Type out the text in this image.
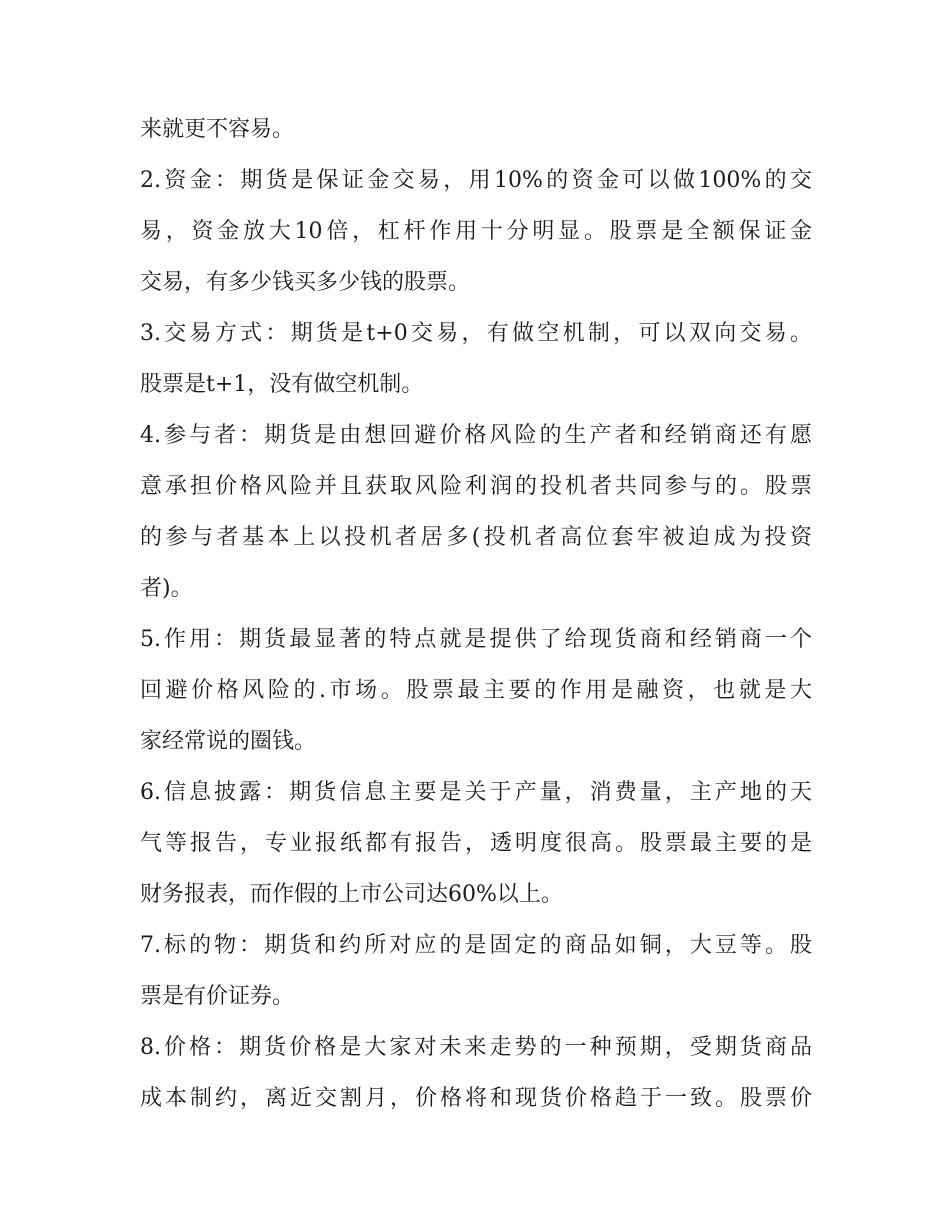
来就更不容易。
2.资金：期货是保证金交易，用10%的资金可以做100%的交
易，资金放大10倍，杠杆作用十分明显。股票是全额保证金
交易，有多少钱买多少钱的股票。
3.交易方式：期货是t+0交易，有做空机制，可以双向交易。
股票是t+1，没有做空机制。
4.参与者：期货是由想回避价格风险的生产者和经销商还有愿
意承担价格风险并且获取风险利润的投机者共同参与的。股票
的参与者基本上以投机者居多(投机者高位套牢被迫成为投资
者)。
5.作用：期货最显著的特点就是提供了给现货商和经销商一个
回避价格风险的.市场。股票最主要的作用是融资，也就是大
家经常说的圈钱。
6.信息披露：期货信息主要是关于产量，消费量，主产地的天
气等报告，专业报纸都有报告，透明度很高。股票最主要的是
财务报表，而作假的上市公司达60%以上。
7.标的物：期货和约所对应的是固定的商品如铜，大豆等。股
票是有价证券。
8.价格：期货价格是大家对未来走势的一种预期，受期货商品
成本制约，离近交割月，价格将和现货价格趋于一致。股票价
